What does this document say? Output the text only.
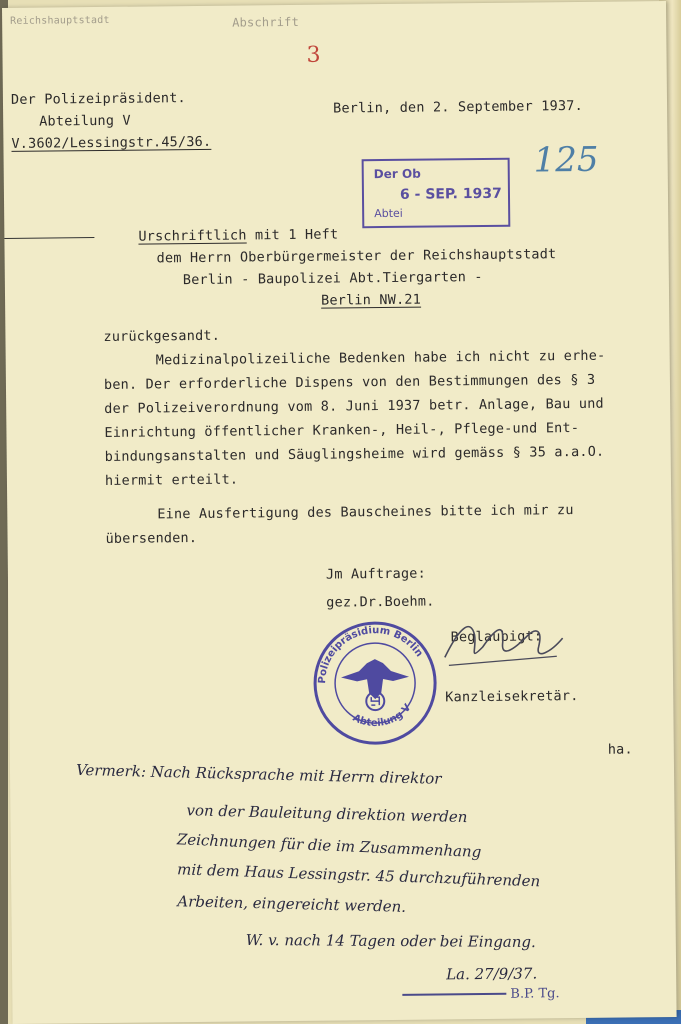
Abschrift
Reichshauptstadt
3
125
Der Polizeipräsident.
Abteilung V
V.3602/Lessingstr.45/36.
Berlin, den 2. September 1937.
Der Ob
6 - SEP. 1937
Abtei
Urschriftlich mit 1 Heft
dem Herrn Oberbürgermeister der Reichshauptstadt
Berlin - Baupolizei Abt.Tiergarten -
Berlin NW.21
zurückgesandt.
Medizinalpolizeiliche Bedenken habe ich nicht zu erhe-
ben. Der erforderliche Dispens von den Bestimmungen des § 3
der Polizeiverordnung vom 8. Juni 1937 betr. Anlage, Bau und
Einrichtung öffentlicher Kranken-, Heil-, Pflege-und Ent-
bindungsanstalten und Säuglingsheime wird gemäss § 35 a.a.O.
hiermit erteilt.
Eine Ausfertigung des Bauscheines bitte ich mir zu
übersenden.
Jm Auftrage:
gez.Dr.Boehm.
Beglaubigt:
Kanzleisekretär.
ha.
Polizeipräsidium Berlin
Abteilung V
Vermerk: Nach Rücksprache mit Herrn direktor
von der Bauleitung direktion werden
Zeichnungen für die im Zusammenhang
mit dem Haus Lessingstr. 45 durchzuführenden
Arbeiten, eingereicht werden.
W. v. nach 14 Tagen oder bei Eingang.
La. 27/9/37.
B.P. Tg.
